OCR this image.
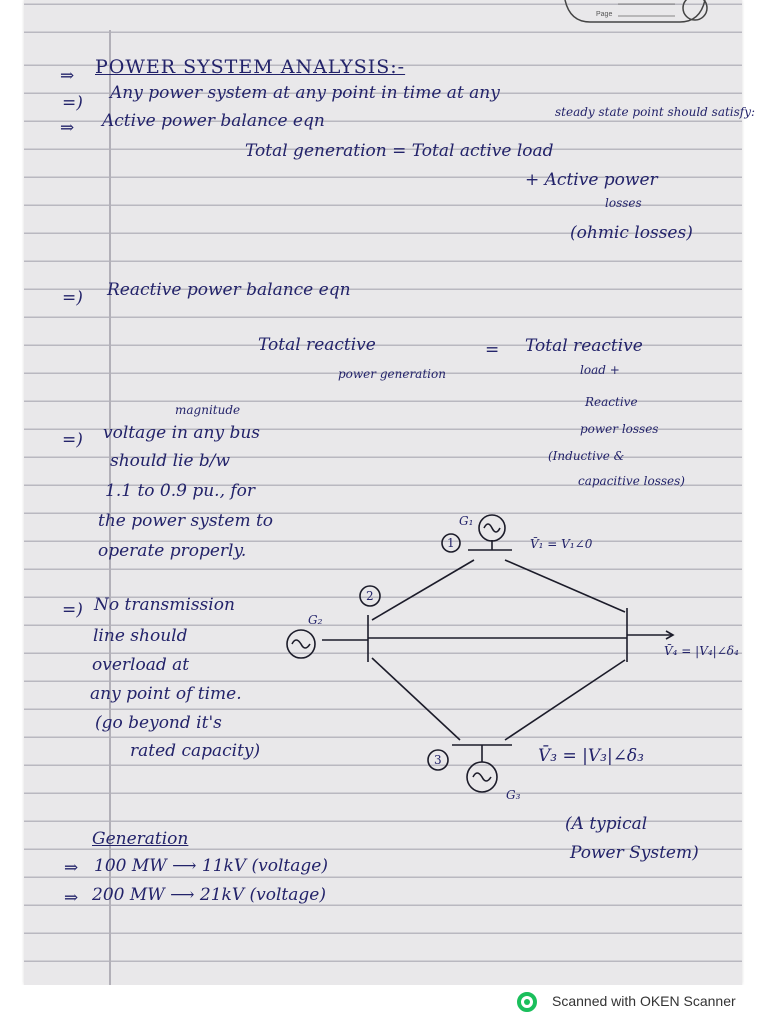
Page
⇒ POWER SYSTEM ANALYSIS:-
=) Any power system at any point in time at any
steady state point should satisfy:
⇒ Active power balance eqn
Total generation = Total active load
+ Active power
losses
(ohmic losses)
=) Reactive power balance eqn
Total reactive
power generation
= Total reactive
load +
Reactive
power losses
(Inductive &
capacitive losses)
magnitude
=) voltage in any bus
should lie b/w
1.1 to 0.9 pu., for
the power system to
operate properly.
=) No transmission
line should
overload at
any point of time.
(go beyond it's
rated capacity)
Generation
⇒ 100 MW ⟶ 11kV (voltage)
⇒ 200 MW ⟶ 21kV (voltage)
(A typical
Power System)
1
2
3
G₁
G₂
G₃
V̄₁ = V₁∠0
V̄₃ = |V₃|∠δ₃
V̄₄ = |V₄|∠δ₄
Scanned with OKEN Scanner
